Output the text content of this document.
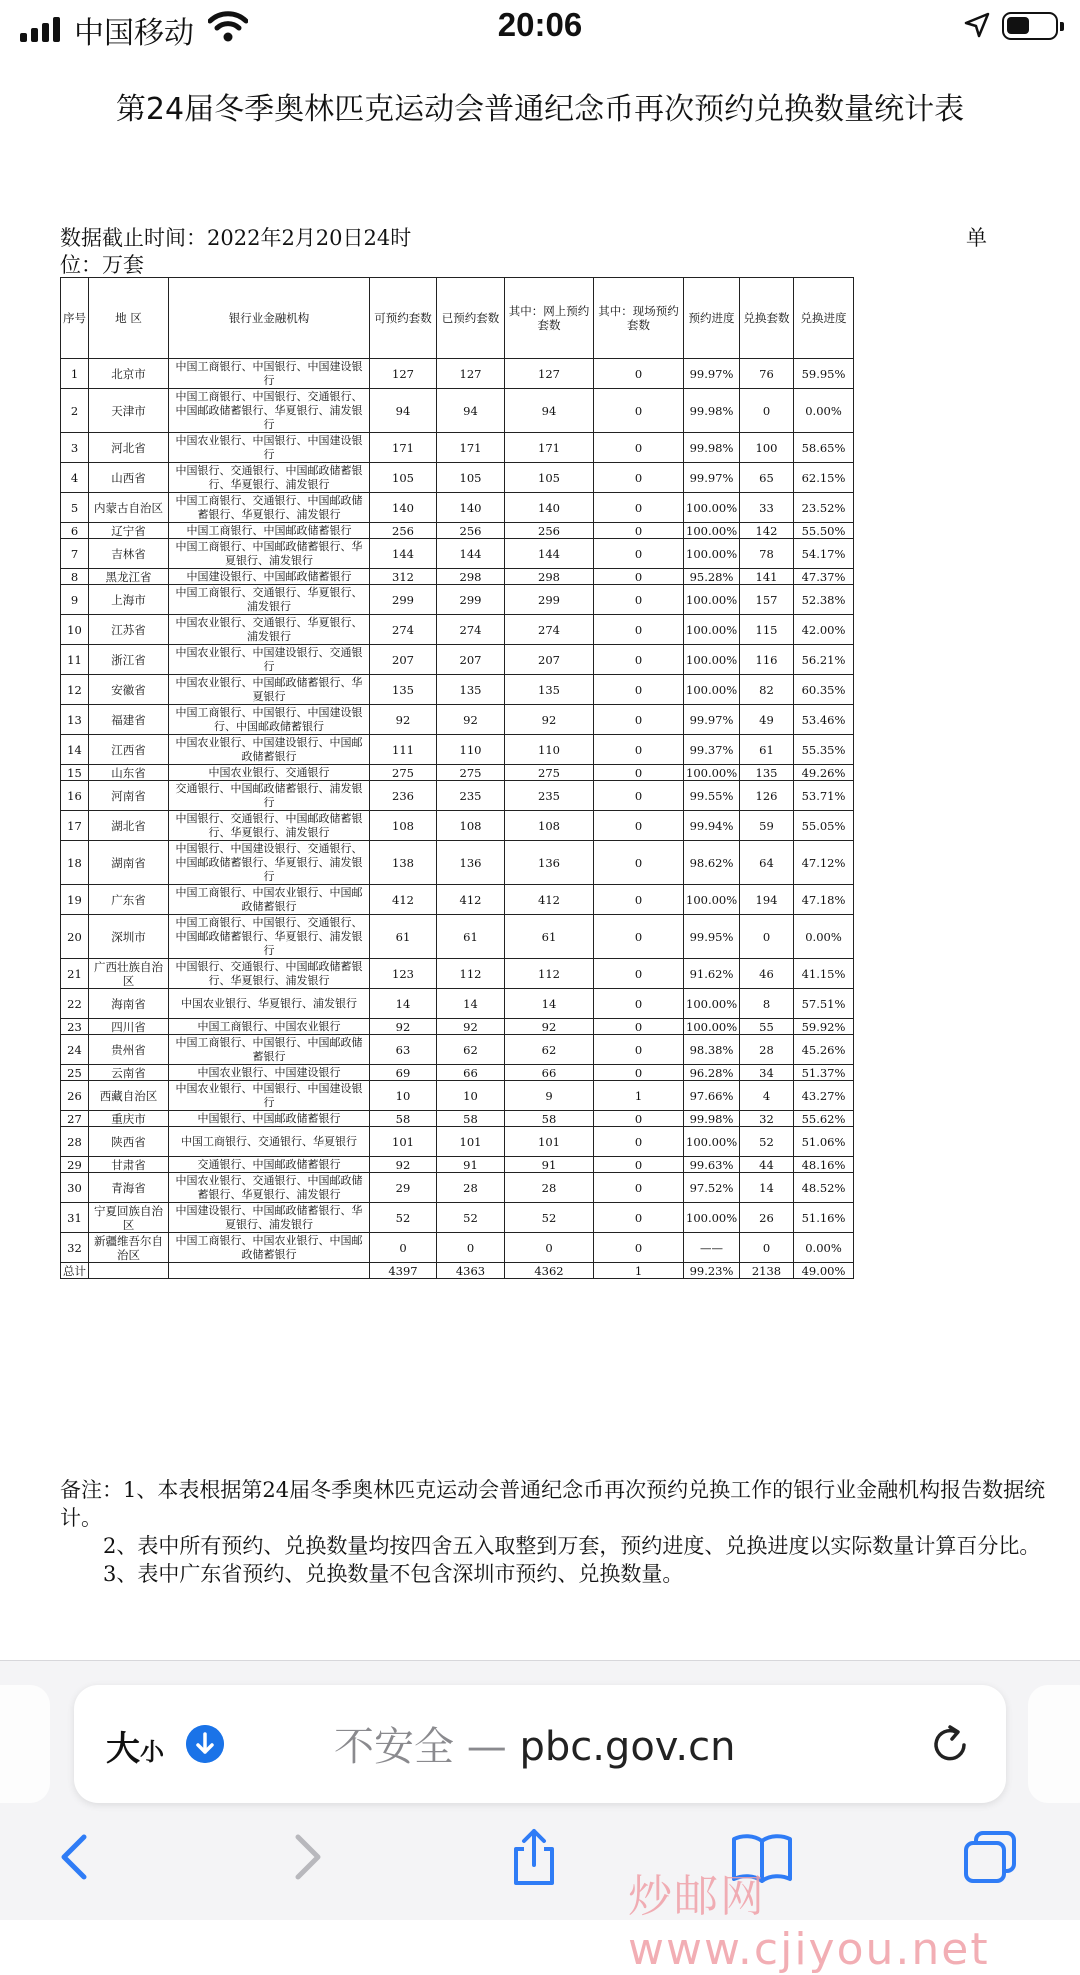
中国移动	20:06
第24届冬季奥林匹克运动会普通纪念币再次预约兑换数量统计表
数据截止时间：2022年2月20日24时	单
位：万套
序号	地 区	银行业金融机构	可预约套数	已预约套数	其中：网上预约套数	其中：现场预约套数	预约进度	兑换套数	兑换进度
1	北京市	中国工商银行、中国银行、中国建设银行	127	127	127	0	99.97%	76	59.95%
2	天津市	中国工商银行、中国银行、交通银行、中国邮政储蓄银行、华夏银行、浦发银行	94	94	94	0	99.98%	0	0.00%
3	河北省	中国农业银行、中国银行、中国建设银行	171	171	171	0	99.98%	100	58.65%
4	山西省	中国银行、交通银行、中国邮政储蓄银行、华夏银行、浦发银行	105	105	105	0	99.97%	65	62.15%
5	内蒙古自治区	中国工商银行、交通银行、中国邮政储蓄银行、华夏银行、浦发银行	140	140	140	0	100.00%	33	23.52%
6	辽宁省	中国工商银行、中国邮政储蓄银行	256	256	256	0	100.00%	142	55.50%
7	吉林省	中国工商银行、中国邮政储蓄银行、华夏银行、浦发银行	144	144	144	0	100.00%	78	54.17%
8	黑龙江省	中国建设银行、中国邮政储蓄银行	312	298	298	0	95.28%	141	47.37%
9	上海市	中国工商银行、交通银行、华夏银行、浦发银行	299	299	299	0	100.00%	157	52.38%
10	江苏省	中国农业银行、交通银行、华夏银行、浦发银行	274	274	274	0	100.00%	115	42.00%
11	浙江省	中国农业银行、中国建设银行、交通银行	207	207	207	0	100.00%	116	56.21%
12	安徽省	中国农业银行、中国邮政储蓄银行、华夏银行	135	135	135	0	100.00%	82	60.35%
13	福建省	中国工商银行、中国银行、中国建设银行、中国邮政储蓄银行	92	92	92	0	99.97%	49	53.46%
14	江西省	中国农业银行、中国建设银行、中国邮政储蓄银行	111	110	110	0	99.37%	61	55.35%
15	山东省	中国农业银行、交通银行	275	275	275	0	100.00%	135	49.26%
16	河南省	交通银行、中国邮政储蓄银行、浦发银行	236	235	235	0	99.55%	126	53.71%
17	湖北省	中国银行、交通银行、中国邮政储蓄银行、华夏银行、浦发银行	108	108	108	0	99.94%	59	55.05%
18	湖南省	中国银行、中国建设银行、交通银行、中国邮政储蓄银行、华夏银行、浦发银行	138	136	136	0	98.62%	64	47.12%
19	广东省	中国工商银行、中国农业银行、中国邮政储蓄银行	412	412	412	0	100.00%	194	47.18%
20	深圳市	中国工商银行、中国银行、交通银行、中国邮政储蓄银行、华夏银行、浦发银行	61	61	61	0	99.95%	0	0.00%
21	广西壮族自治区	中国银行、交通银行、中国邮政储蓄银行、华夏银行、浦发银行	123	112	112	0	91.62%	46	41.15%
22	海南省	中国农业银行、华夏银行、浦发银行	14	14	14	0	100.00%	8	57.51%
23	四川省	中国工商银行、中国农业银行	92	92	92	0	100.00%	55	59.92%
24	贵州省	中国工商银行、中国银行、中国邮政储蓄银行	63	62	62	0	98.38%	28	45.26%
25	云南省	中国农业银行、中国建设银行	69	66	66	0	96.28%	34	51.37%
26	西藏自治区	中国农业银行、中国银行、中国建设银行	10	10	9	1	97.66%	4	43.27%
27	重庆市	中国银行、中国邮政储蓄银行	58	58	58	0	99.98%	32	55.62%
28	陕西省	中国工商银行、交通银行、华夏银行	101	101	101	0	100.00%	52	51.06%
29	甘肃省	交通银行、中国邮政储蓄银行	92	91	91	0	99.63%	44	48.16%
30	青海省	中国农业银行、交通银行、中国邮政储蓄银行、华夏银行、浦发银行	29	28	28	0	97.52%	14	48.52%
31	宁夏回族自治区	中国建设银行、中国邮政储蓄银行、华夏银行、浦发银行	52	52	52	0	100.00%	26	51.16%
32	新疆维吾尔自治区	中国工商银行、中国农业银行、中国邮政储蓄银行	0	0	0	0	——	0	0.00%
总计			4397	4363	4362	1	99.23%	2138	49.00%

备注：1、本表根据第24届冬季奥林匹克运动会普通纪念币再次预约兑换工作的银行业金融机构报告数据统计。

2、表中所有预约、兑换数量均按四舍五入取整到万套，预约进度、兑换进度以实际数量计算百分比。

3、表中广东省预约、兑换数量不包含深圳市预约、兑换数量。

大小	不安全 — pbc.gov.cn
炒邮网 www.cjiyou.net
